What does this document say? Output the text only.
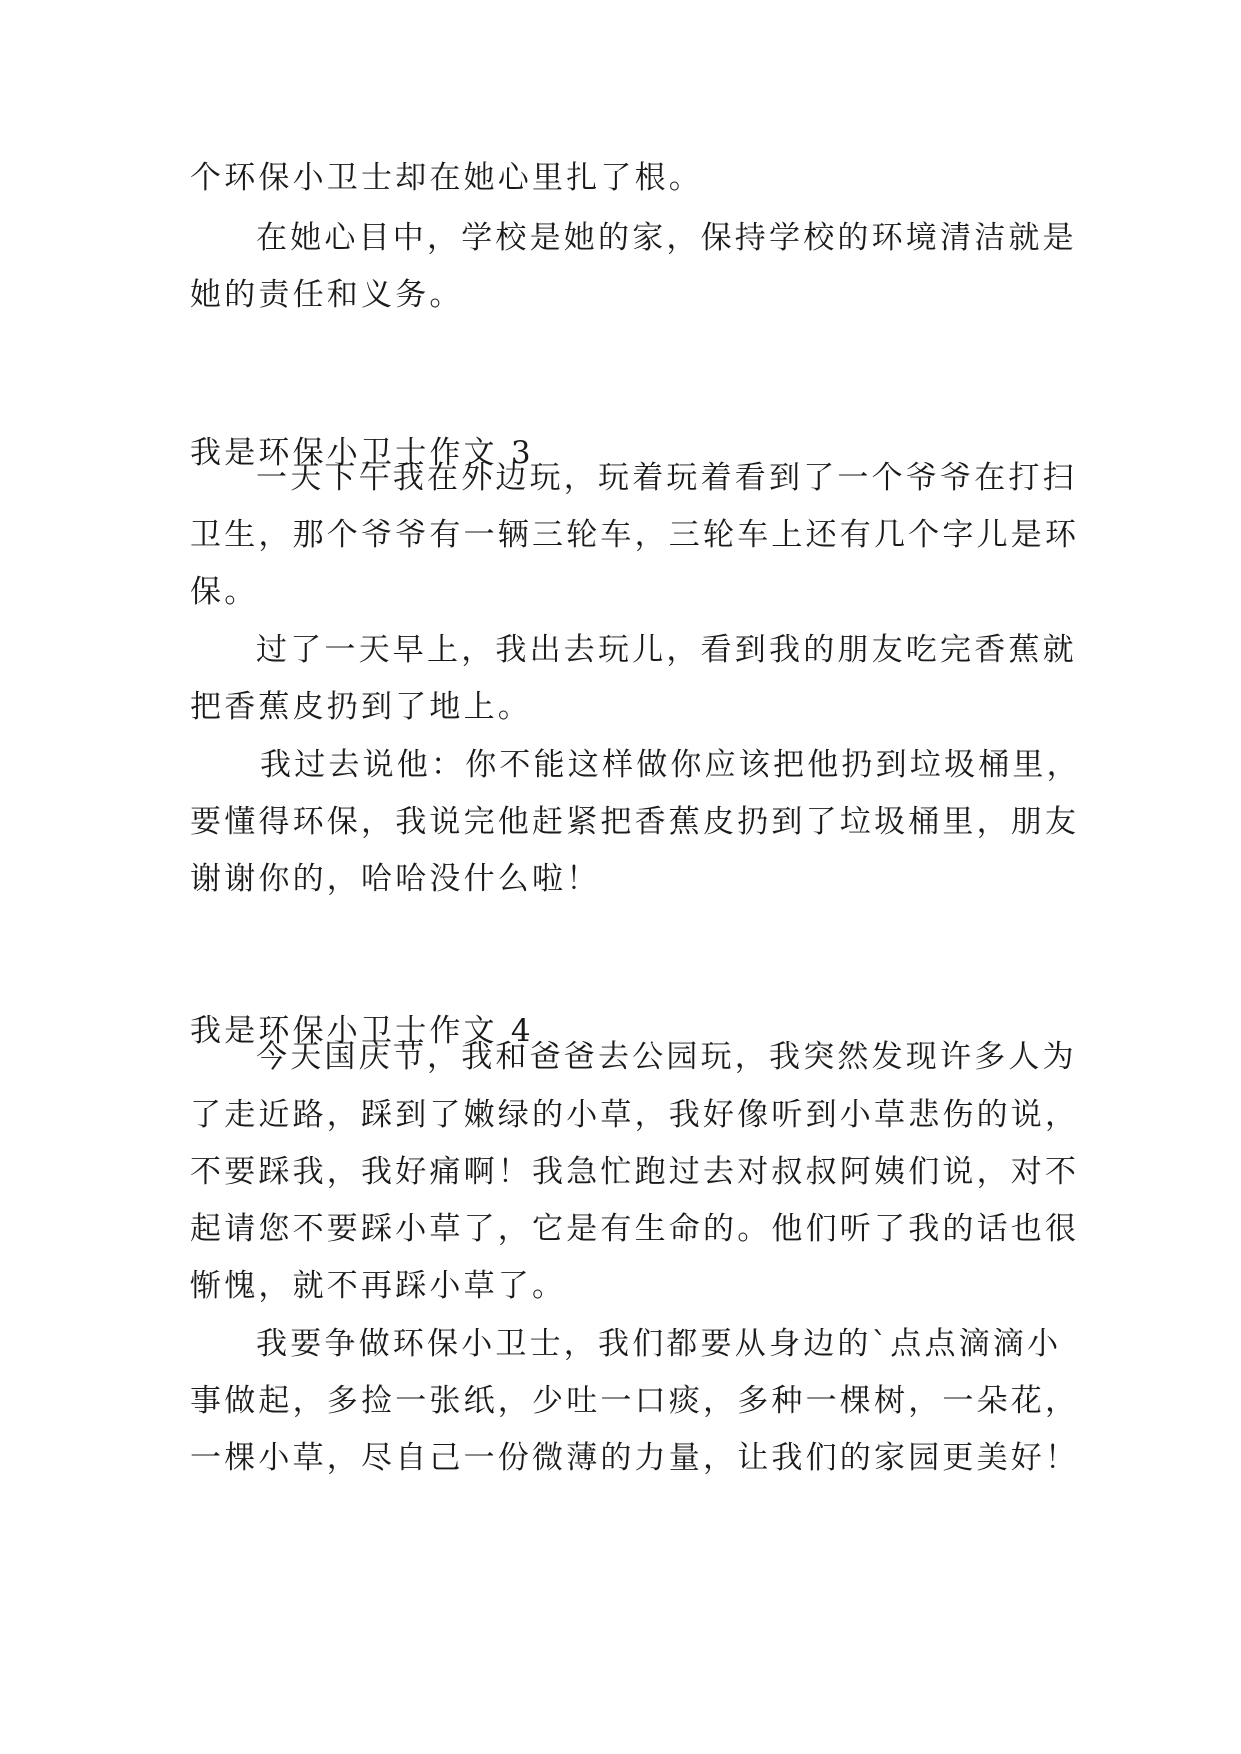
个环保小卫士却在她心里扎了根。

在她心目中，学校是她的家，保持学校的环境清洁就是

她的责任和义务。

我是环保小卫士作文 3

一天下午我在外边玩，玩着玩着看到了一个爷爷在打扫

卫生，那个爷爷有一辆三轮车，三轮车上还有几个字儿是环

保。

过了一天早上，我出去玩儿，看到我的朋友吃完香蕉就

把香蕉皮扔到了地上。

我过去说他：你不能这样做你应该把他扔到垃圾桶里，

要懂得环保，我说完他赶紧把香蕉皮扔到了垃圾桶里，朋友

谢谢你的，哈哈没什么啦！

我是环保小卫士作文 4

今天国庆节，我和爸爸去公园玩，我突然发现许多人为

了走近路，踩到了嫩绿的小草，我好像听到小草悲伤的说，

不要踩我，我好痛啊！我急忙跑过去对叔叔阿姨们说，对不

起请您不要踩小草了，它是有生命的。他们听了我的话也很

惭愧，就不再踩小草了。

我要争做环保小卫士，我们都要从身边的`点点滴滴小

事做起，多捡一张纸，少吐一口痰，多种一棵树，一朵花，

一棵小草，尽自己一份微薄的力量，让我们的家园更美好！
